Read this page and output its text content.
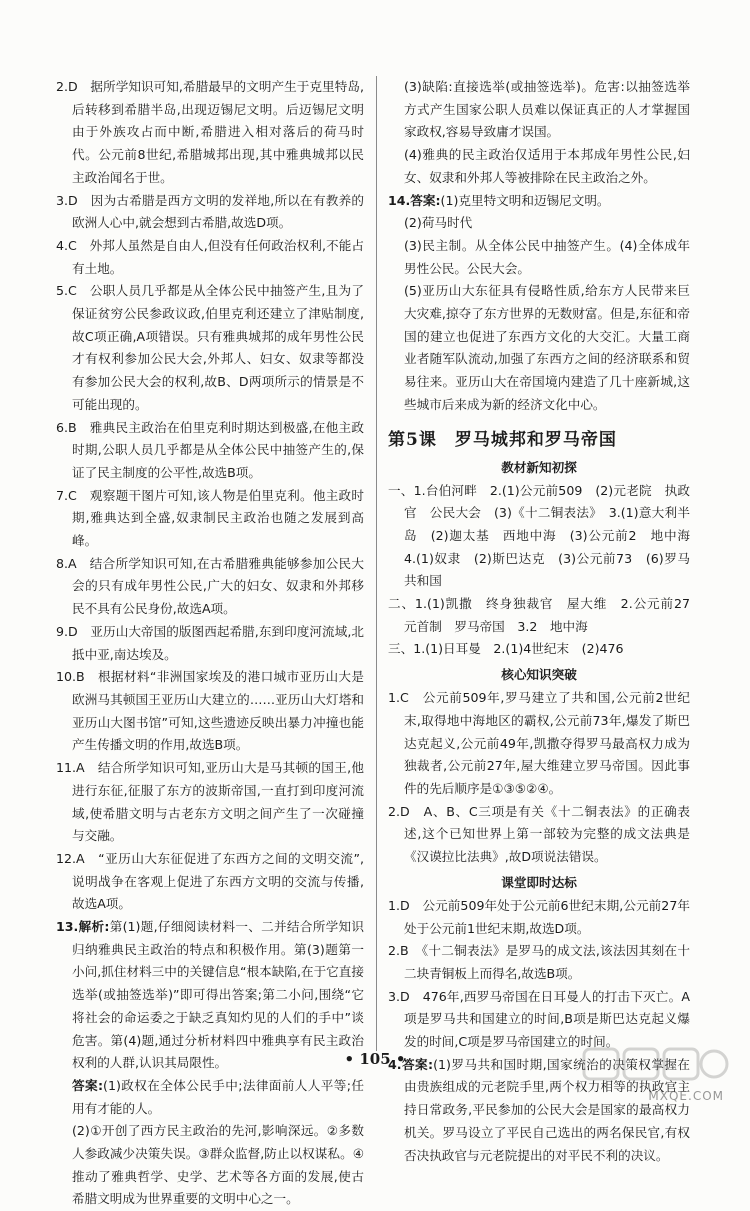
2.D　据所学知识可知,希腊最早的文明产生于克里特岛,后转移到希腊半岛,出现迈锡尼文明。后迈锡尼文明由于外族攻占而中断,希腊进入相对落后的荷马时代。公元前8世纪,希腊城邦出现,其中雅典城邦以民主政治闻名于世。
3.D　因为古希腊是西方文明的发祥地,所以在有教养的欧洲人心中,就会想到古希腊,故选D项。
4.C　外邦人虽然是自由人,但没有任何政治权利,不能占有土地。
5.C　公职人员几乎都是从全体公民中抽签产生,且为了保证贫穷公民参政议政,伯里克利还建立了津贴制度,故C项正确,A项错误。只有雅典城邦的成年男性公民才有权利参加公民大会,外邦人、妇女、奴隶等都没有参加公民大会的权利,故B、D两项所示的情景是不可能出现的。
6.B　雅典民主政治在伯里克利时期达到极盛,在他主政时期,公职人员几乎都是从全体公民中抽签产生的,保证了民主制度的公平性,故选B项。
7.C　观察题干图片可知,该人物是伯里克利。他主政时期,雅典达到全盛,奴隶制民主政治也随之发展到高峰。
8.A　结合所学知识可知,在古希腊雅典能够参加公民大会的只有成年男性公民,广大的妇女、奴隶和外邦移民不具有公民身份,故选A项。
9.D　亚历山大帝国的版图西起希腊,东到印度河流域,北抵中亚,南达埃及。
10.B　根据材料“非洲国家埃及的港口城市亚历山大是欧洲马其顿国王亚历山大建立的……亚历山大灯塔和亚历山大图书馆”可知,这些遗迹反映出暴力冲撞也能产生传播文明的作用,故选B项。
11.A　结合所学知识可知,亚历山大是马其顿的国王,他进行东征,征服了东方的波斯帝国,一直打到印度河流域,使希腊文明与古老东方文明之间产生了一次碰撞与交融。
12.A　“亚历山大东征促进了东西方之间的文明交流”,说明战争在客观上促进了东西方文明的交流与传播,故选A项。
13.解析:第(1)题,仔细阅读材料一、二并结合所学知识归纳雅典民主政治的特点和积极作用。第(3)题第一小问,抓住材料三中的关键信息“根本缺陷,在于它直接选举(或抽签选举)”即可得出答案;第二小问,围绕“它将社会的命运委之于缺乏真知灼见的人们的手中”谈危害。第(4)题,通过分析材料四中雅典享有民主政治权利的人群,认识其局限性。
答案:(1)政权在全体公民手中;法律面前人人平等;任用有才能的人。
(2)①开创了西方民主政治的先河,影响深远。②多数人参政减少决策失误。③群众监督,防止以权谋私。④推动了雅典哲学、史学、艺术等各方面的发展,使古希腊文明成为世界重要的文明中心之一。
(3)缺陷:直接选举(或抽签选举)。危害:以抽签选举方式产生国家公职人员难以保证真正的人才掌握国家政权,容易导致庸才误国。
(4)雅典的民主政治仅适用于本邦成年男性公民,妇女、奴隶和外邦人等被排除在民主政治之外。
14.答案:(1)克里特文明和迈锡尼文明。
(2)荷马时代
(3)民主制。从全体公民中抽签产生。(4)全体成年男性公民。公民大会。
(5)亚历山大东征具有侵略性质,给东方人民带来巨大灾难,掠夺了东方世界的无数财富。但是,东征和帝国的建立也促进了东西方文化的大交汇。大量工商业者随军队流动,加强了东西方之间的经济联系和贸易往来。亚历山大在帝国境内建造了几十座新城,这些城市后来成为新的经济文化中心。
第5课　罗马城邦和罗马帝国
教材新知初探
一、1.台伯河畔　2.(1)公元前509　(2)元老院　执政官　公民大会　(3)《十二铜表法》　3.(1)意大利半岛　(2)迦太基　西地中海　(3)公元前2　地中海　4.(1)奴隶　(2)斯巴达克　(3)公元前73　(6)罗马共和国
二、1.(1)凯撒　终身独裁官　屋大维　2.公元前27　元首制　罗马帝国　3.2　地中海
三、1.(1)日耳曼　2.(1)4世纪末　(2)476
核心知识突破
1.C　公元前509年,罗马建立了共和国,公元前2世纪末,取得地中海地区的霸权,公元前73年,爆发了斯巴达克起义,公元前49年,凯撒夺得罗马最高权力成为独裁者,公元前27年,屋大维建立罗马帝国。因此事件的先后顺序是①③⑤②④。
2.D　A、B、C三项是有关《十二铜表法》的正确表述,这个已知世界上第一部较为完整的成文法典是《汉谟拉比法典》,故D项说法错误。
课堂即时达标
1.D　公元前509年处于公元前6世纪末期,公元前27年处于公元前1世纪末期,故选D项。
2.B　《十二铜表法》是罗马的成文法,该法因其刻在十二块青铜板上而得名,故选B项。
3.D　476年,西罗马帝国在日耳曼人的打击下灭亡。A项是罗马共和国建立的时间,B项是斯巴达克起义爆发的时间,C项是罗马帝国建立的时间。
4.答案:(1)罗马共和国时期,国家统治的决策权掌握在由贵族组成的元老院手里,两个权力相等的执政官主持日常政务,平民参加的公民大会是国家的最高权力机关。罗马设立了平民自己选出的两名保民官,有权否决执政官与元老院提出的对平民不利的决议。
• 105 •
MXQE.COM
